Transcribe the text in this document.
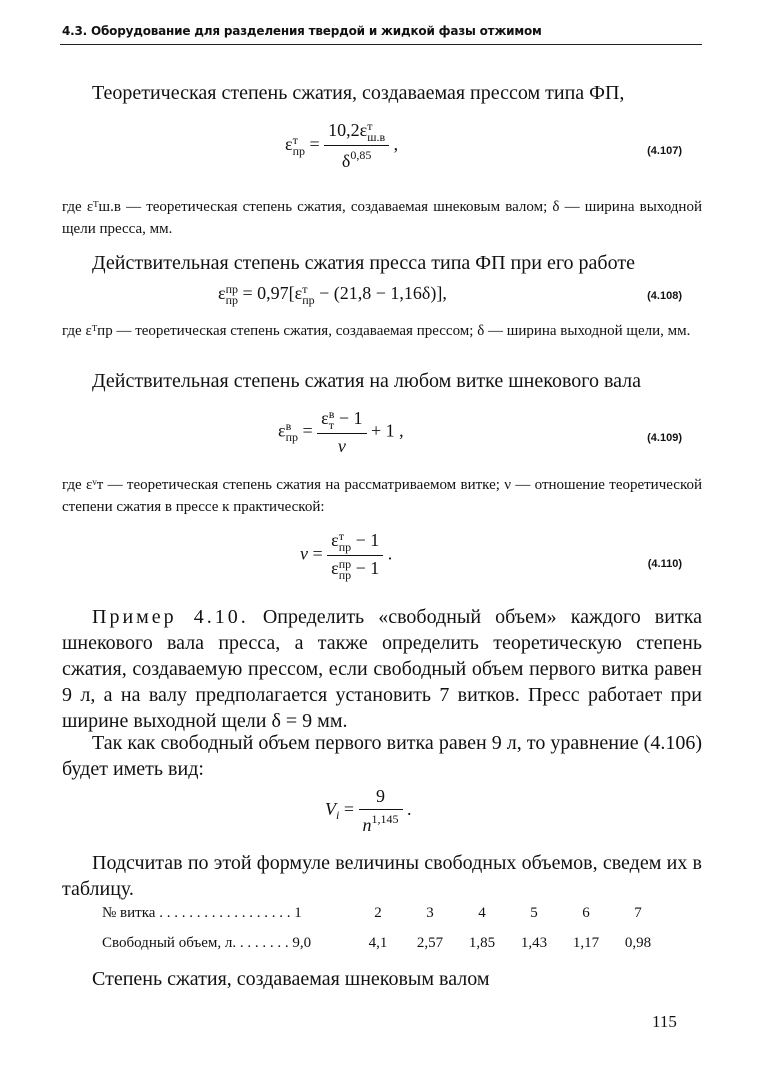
4.3. Оборудование для разделения твердой и жидкой фазы отжимом
Теоретическая степень сжатия, создаваемая прессом типа ФП,
ε т
пр = 10,2ε т
ш.в
$\delta^{0,85}$ ,	(4.107)
где εᵀш.в — теоретическая степень сжатия, создаваемая шнековым валом; δ — ширина выходной щели пресса, мм.
Действительная степень сжатия пресса типа ФП при его работе
ε пр
пр = 0,97[ε т
пр − (21,8 − 1,16δ)],	(4.108)
где εᵀпр — теоретическая степень сжатия, создаваемая прессом; δ — ширина выходной щели, мм.
Действительная степень сжатия на любом витке шнекового вала
ε в
пр = ε в
т − 1
ν + 1 ,	(4.109)
где εᵛт — теоретическая степень сжатия на рассматриваемом витке; ν — отношение теоретической степени сжатия в прессе к практической:
ν = ε т
пр − 1
ε пр
пр − 1 .
(4.110)
Пример 4.10. Определить «свободный объем» каждого витка шнекового вала пресса, а также определить теоретическую степень сжатия, создаваемую прессом, если свободный объем первого витка равен 9 л, а на валу предполагается установить 7 витков. Пресс работает при ширине выходной щели δ = 9 мм.
Так как свободный объем первого витка равен 9 л, то уравнение (4.106) будет иметь вид:
$V_i = \frac{9}{n^{1,145}}$ .
Подсчитав по этой формуле величины свободных объемов, сведем их в таблицу.
№ витка . . . . . . . . . . . . . . . . . . 1	2	3	4	5	6	7
Свободный объем, л. . . . . . . . 9,0	4,1	2,57	1,85	1,43	1,17	0,98
Степень сжатия, создаваемая шнековым валом
115
